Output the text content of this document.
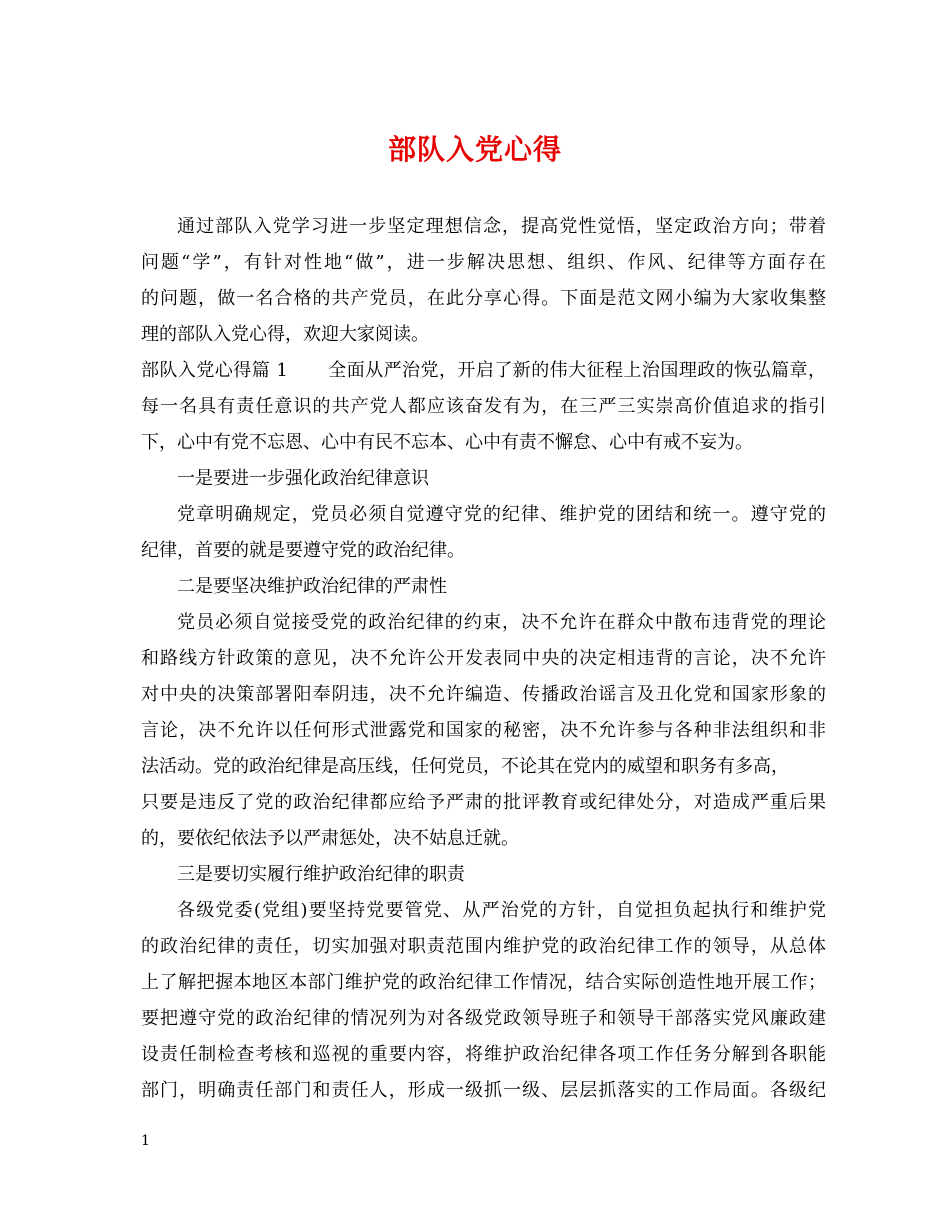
部队入党心得
通过部队入党学习进一步坚定理想信念，提高党性觉悟，坚定政治方向；带着
问题“学”，有针对性地“做”，进一步解决思想、组织、作风、纪律等方面存在
的问题，做一名合格的共产党员，在此分享心得。下面是范文网小编为大家收集整
理的部队入党心得，欢迎大家阅读。
部队入党心得篇 1 全面从严治党，开启了新的伟大征程上治国理政的恢弘篇章，
每一名具有责任意识的共产党人都应该奋发有为，在三严三实崇高价值追求的指引
下，心中有党不忘恩、心中有民不忘本、心中有责不懈怠、心中有戒不妄为。
一是要进一步强化政治纪律意识
党章明确规定，党员必须自觉遵守党的纪律、维护党的团结和统一。遵守党的
纪律，首要的就是要遵守党的政治纪律。
二是要坚决维护政治纪律的严肃性
党员必须自觉接受党的政治纪律的约束，决不允许在群众中散布违背党的理论
和路线方针政策的意见，决不允许公开发表同中央的决定相违背的言论，决不允许
对中央的决策部署阳奉阴违，决不允许编造、传播政治谣言及丑化党和国家形象的
言论，决不允许以任何形式泄露党和国家的秘密，决不允许参与各种非法组织和非
法活动。党的政治纪律是高压线，任何党员，不论其在党内的威望和职务有多高，
只要是违反了党的政治纪律都应给予严肃的批评教育或纪律处分，对造成严重后果
的，要依纪依法予以严肃惩处，决不姑息迁就。
三是要切实履行维护政治纪律的职责
各级党委(党组)要坚持党要管党、从严治党的方针，自觉担负起执行和维护党
的政治纪律的责任，切实加强对职责范围内维护党的政治纪律工作的领导，从总体
上了解把握本地区本部门维护党的政治纪律工作情况，结合实际创造性地开展工作；
要把遵守党的政治纪律的情况列为对各级党政领导班子和领导干部落实党风廉政建
设责任制检查考核和巡视的重要内容，将维护政治纪律各项工作任务分解到各职能
部门，明确责任部门和责任人，形成一级抓一级、层层抓落实的工作局面。各级纪
1
